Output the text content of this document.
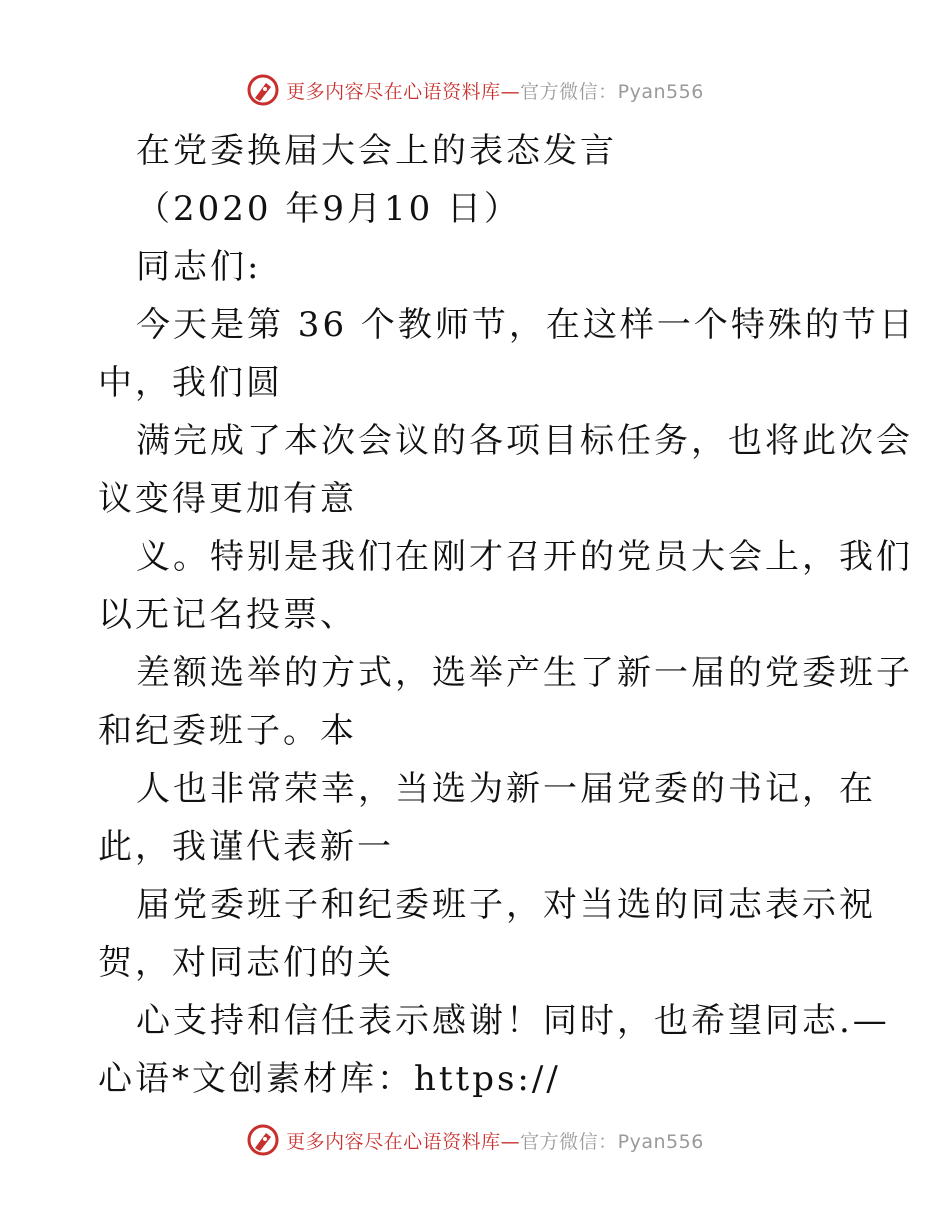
更多内容尽在心语资料库—官方微信：Pyan556
在党委换届大会上的表态发言
（2020 年9月10 日）
同志们:
今天是第 36 个教师节，在这样一个特殊的节日
中，我们圆
满完成了本次会议的各项目标任务，也将此次会
议变得更加有意
义。特别是我们在刚才召开的党员大会上，我们
以无记名投票、
差额选举的方式，选举产生了新一届的党委班子
和纪委班子。本
人也非常荣幸，当选为新一届党委的书记，在
此，我谨代表新一
届党委班子和纪委班子，对当选的同志表示祝
贺，对同志们的关
心支持和信任表示感谢！同时，也希望同志.—
心语*文创素材库：https://
更多内容尽在心语资料库—官方微信：Pyan556
